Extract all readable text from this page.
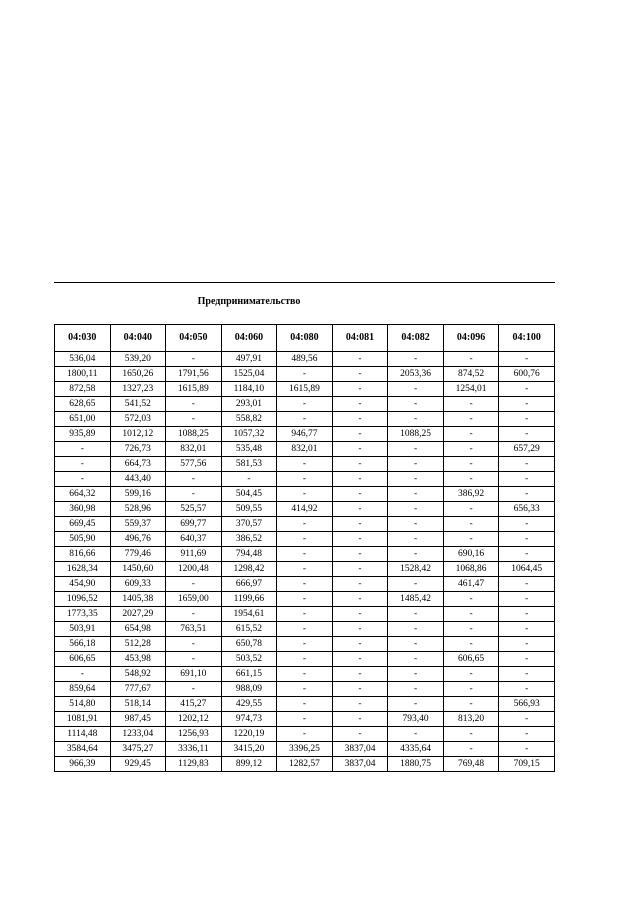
Предпринимательство
04:030	04:040	04:050	04:060	04:080	04:081	04:082	04:096	04:100
536,04	539,20	-	497,91	489,56	-	-	-	-
1800,11	1650,26	1791,56	1525,04	-	-	2053,36	874,52	600,76
872,58	1327,23	1615,89	1184,10	1615,89	-	-	1254,01	-
628,65	541,52	-	293,01	-	-	-	-	-
651,00	572,03	-	558,82	-	-	-	-	-
935,89	1012,12	1088,25	1057,32	946,77	-	1088,25	-	-
-	726,73	832,01	535,48	832,01	-	-	-	657,29
-	664,73	577,56	581,53	-	-	-	-	-
-	443,40	-	-	-	-	-	-	-
664,32	599,16	-	504,45	-	-	-	386,92	-
360,98	528,96	525,57	509,55	414,92	-	-	-	656,33
669,45	559,37	699,77	370,57	-	-	-	-	-
505,90	496,76	640,37	386,52	-	-	-	-	-
816,66	779,46	911,69	794,48	-	-	-	690,16	-
1628,34	1450,60	1200,48	1298,42	-	-	1528,42	1068,86	1064,45
454,90	609,33	-	666,97	-	-	-	461,47	-
1096,52	1405,38	1659,00	1199,66	-	-	1485,42	-	-
1773,35	2027,29	-	1954,61	-	-	-	-	-
503,91	654,98	763,51	615,52	-	-	-	-	-
566,18	512,28	-	650,78	-	-	-	-	-
606,65	453,98	-	503,52	-	-	-	606,65	-
-	548,92	691,10	661,15	-	-	-	-	-
859,64	777,67	-	988,09	-	-	-	-	-
514,80	518,14	415,27	429,55	-	-	-	-	566,93
1081,91	987,45	1202,12	974,73	-	-	793,40	813,20	-
1114,48	1233,04	1256,93	1220,19	-	-	-	-	-
3584,64	3475,27	3336,11	3415,20	3396,25	3837,04	4335,64	-	-
966,39	929,45	1129,83	899,12	1282,57	3837,04	1880,75	769,48	709,15
